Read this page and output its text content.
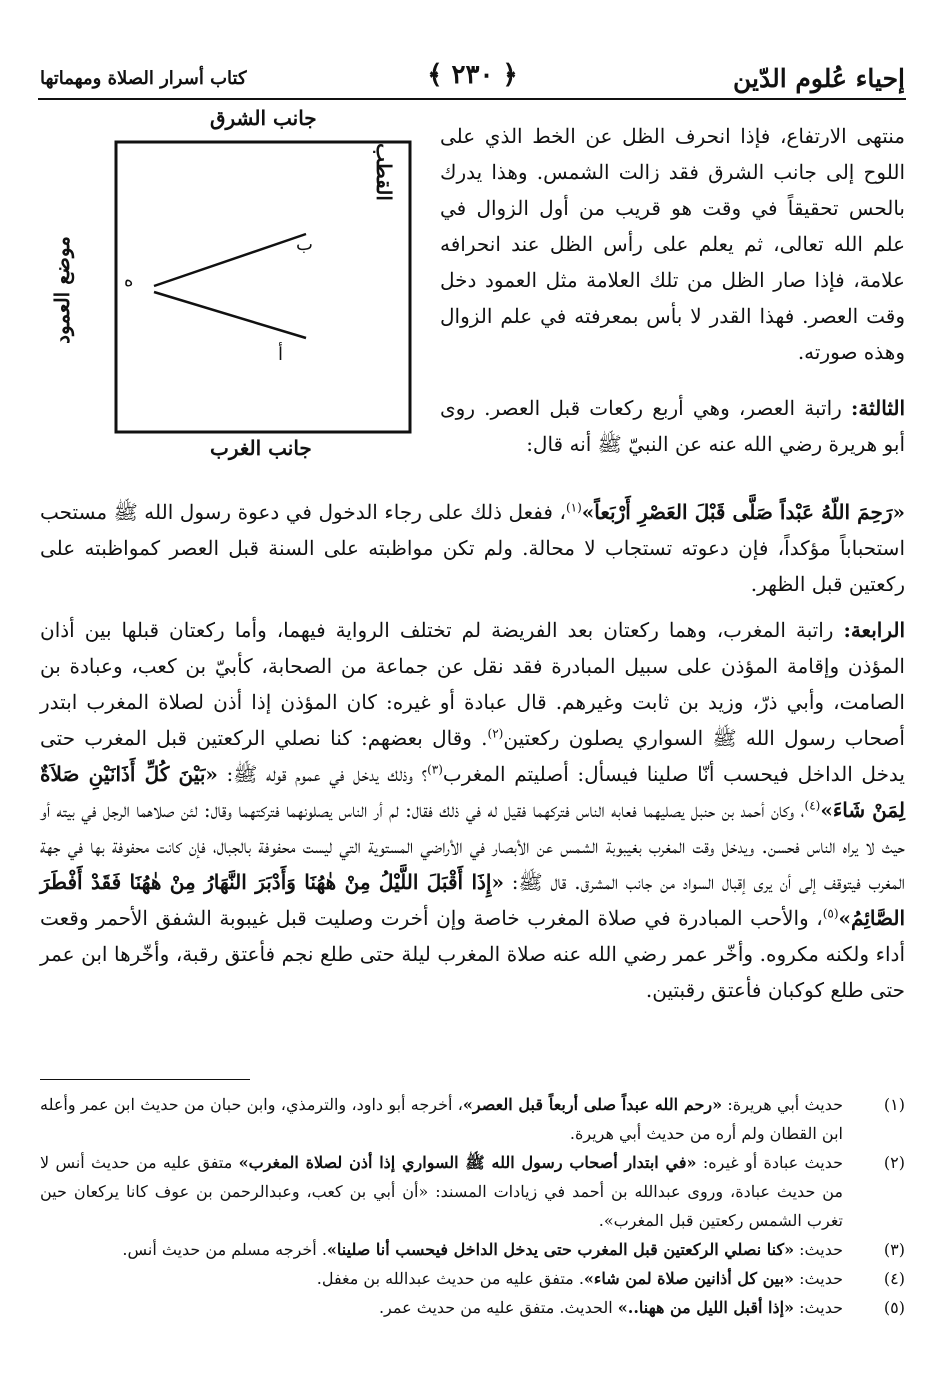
إحياء عُلوم الدّين
﴿ ٢٣٠ ﴾
كتاب أسرار الصلاة ومهماتها
جانب الشرق
جانب الغرب
القطب
موضع العمود	ب
ه
أ

منتهى الارتفاع، فإذا انحرف الظل عن الخط الذي على اللوح إلى جانب الشرق فقد زالت الشمس. وهذا يدرك بالحس تحقيقاً في وقت هو قريب من أول الزوال في علم الله تعالى، ثم يعلم على رأس الظل عند انحرافه علامة، فإذا صار الظل من تلك العلامة مثل العمود دخل وقت العصر. فهذا القدر لا بأس بمعرفته في علم الزوال وهذه صورته.

الثالثة: راتبة العصر، وهي أربع ركعات قبل العصر. روى أبو هريرة رضي الله عنه عن النبيّ ﷺ أنه قال:

«رَحِمَ اللّهُ عَبْداً صَلَّى قَبْلَ العَصْرِ أَرْبَعاً»$^{(١)}$، ففعل ذلك على رجاء الدخول في دعوة رسول الله ﷺ مستحب استحباباً مؤكداً، فإن دعوته تستجاب لا محالة. ولم تكن مواظبته على السنة قبل العصر كمواظبته على ركعتين قبل الظهر.

الرابعة: راتبة المغرب، وهما ركعتان بعد الفريضة لم تختلف الرواية فيهما، وأما ركعتان قبلها بين أذان المؤذن وإقامة المؤذن على سبيل المبادرة فقد نقل عن جماعة من الصحابة، كأبيّ بن كعب، وعبادة بن الصامت، وأبي ذرّ، وزيد بن ثابت وغيرهم. قال عبادة أو غيره: كان المؤذن إذا أذن لصلاة المغرب ابتدر أصحاب رسول الله ﷺ السواري يصلون ركعتين$^{(٢)}$. وقال بعضهم: كنا نصلي الركعتين قبل المغرب حتى يدخل الداخل فيحسب أنّا صلينا فيسأل: أصليتم المغرب$^{(٣)}$؟ وذلك يدخل في عموم قوله ﷺ: «بَيْنَ كُلِّ أَذَانَيْنِ صَلاَةٌ لِمَنْ شَاءَ»$^{(٤)}$، وكان أحمد بن حنبل يصليهما فعابه الناس فتركهما فقيل له في ذلك فقال: لم أر الناس يصلونهما فتركتهما وقال: لئن صلاهما الرجل في بيته أو حيث لا يراه الناس فحسن. ويدخل وقت المغرب بغيبوبة الشمس عن الأبصار في الأراضي المستوية التي ليست محفوفة بالجبال، فإن كانت محفوفة بها في جهة المغرب فيتوقف إلى أن يرى إقبال السواد من جانب المشرق. قال ﷺ: «إِذَا أَقْبَلَ اللَّيْلُ مِنْ هٰهُنَا وَأَدْبَرَ النَّهَارُ مِنْ هٰهُنَا فَقَدْ أَفْطَرَ الصَّائِمُ»$^{(٥)}$، والأحب المبادرة في صلاة المغرب خاصة وإن أخرت وصليت قبل غيبوبة الشفق الأحمر وقعت أداء ولكنه مكروه. وأخّر عمر رضي الله عنه صلاة المغرب ليلة حتى طلع نجم فأعتق رقبة، وأخّرها ابن عمر حتى طلع كوكبان فأعتق رقبتين.

(١)
حديث أبي هريرة: «رحم الله عبداً صلى أربعاً قبل العصر»، أخرجه أبو داود، والترمذي، وابن حبان من حديث ابن عمر وأعله ابن القطان ولم أره من حديث أبي هريرة.
(٢)
حديث عبادة أو غيره: «في ابتدار أصحاب رسول الله ﷺ السواري إذا أذن لصلاة المغرب» متفق عليه من حديث أنس لا من حديث عبادة، وروى عبدالله بن أحمد في زيادات المسند: «أن أبي بن كعب، وعبدالرحمن بن عوف كانا يركعان حين تغرب الشمس ركعتين قبل المغرب».
(٣)
حديث: «كنا نصلي الركعتين قبل المغرب حتى يدخل الداخل فيحسب أنا صلينا». أخرجه مسلم من حديث أنس.
(٤)
حديث: «بين كل أذانين صلاة لمن شاء». متفق عليه من حديث عبدالله بن مغفل.
(٥)
حديث: «إذا أقبل الليل من ههنا..» الحديث. متفق عليه من حديث عمر.
